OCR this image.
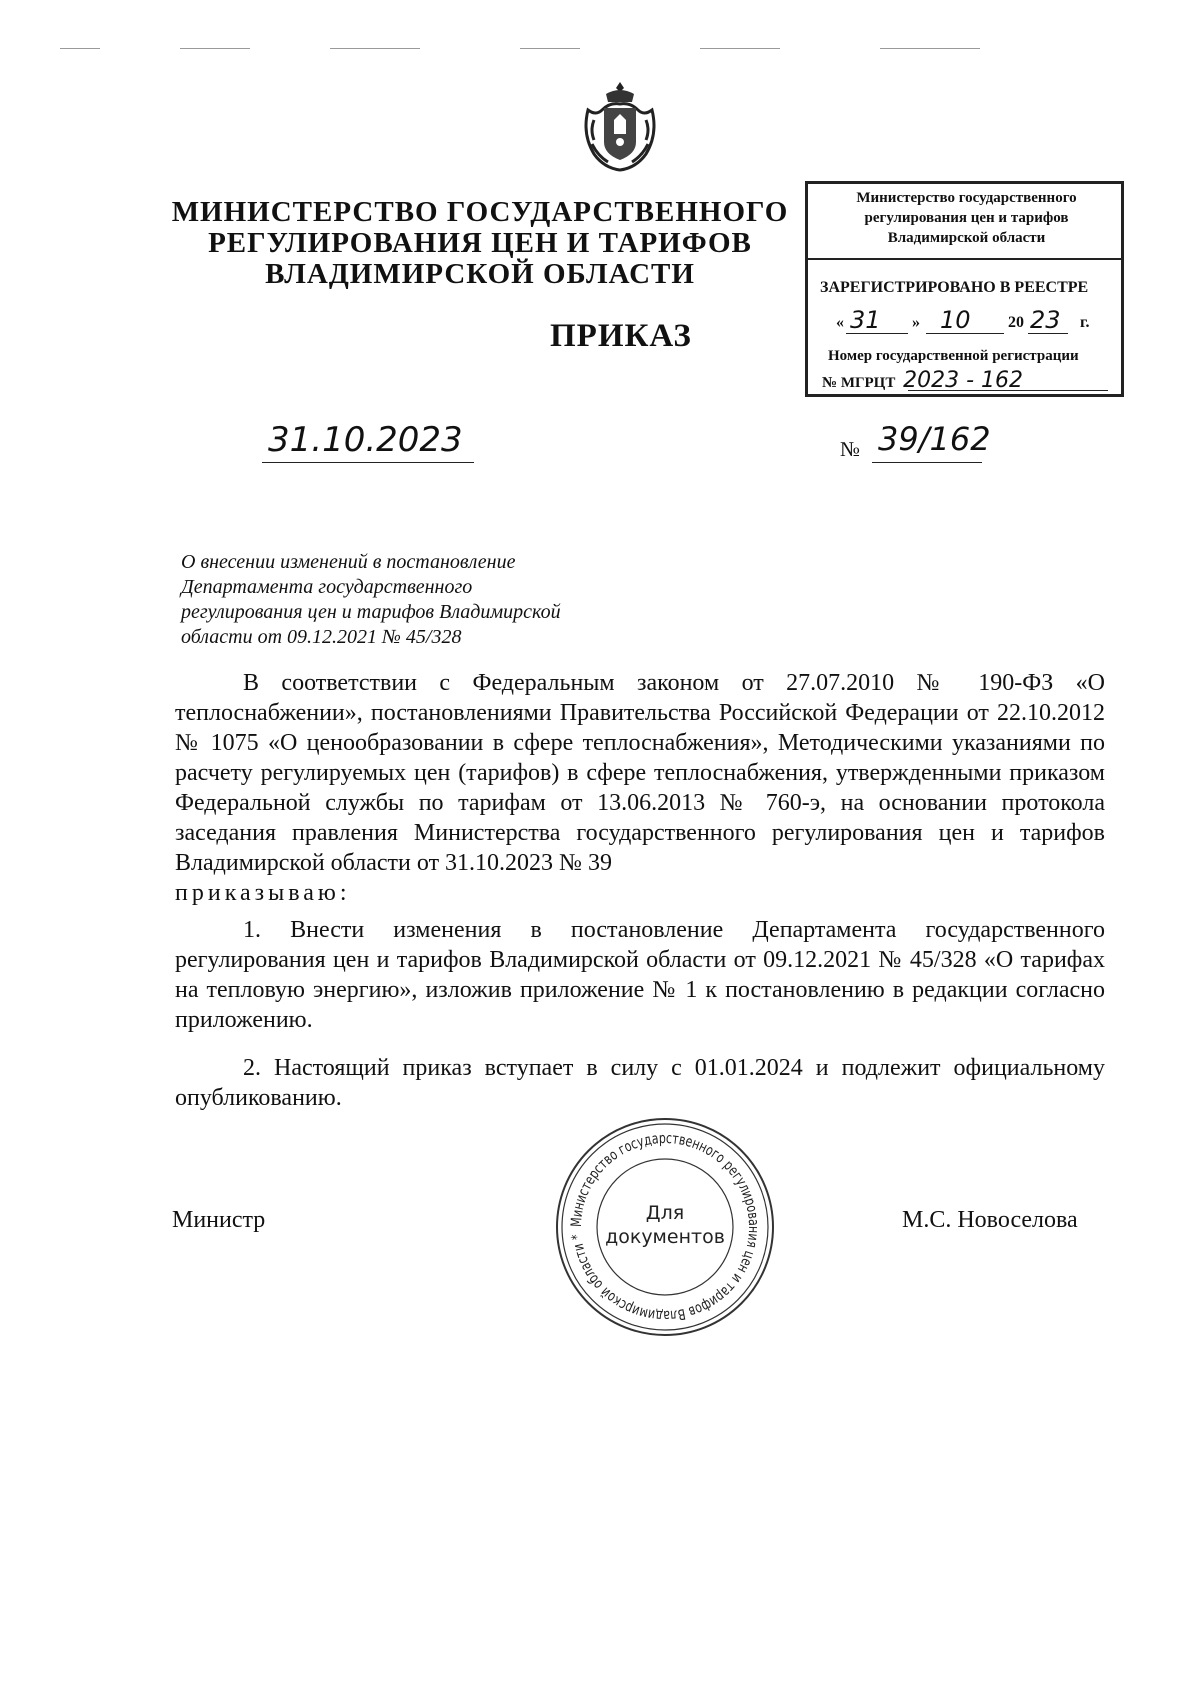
МИНИСТЕРСТВО ГОСУДАРСТВЕННОГО
РЕГУЛИРОВАНИЯ ЦЕН И ТАРИФОВ
ВЛАДИМИРСКОЙ ОБЛАСТИ
ПРИКАЗ
Министерство государственного
регулирования цен и тарифов
Владимирской области
ЗАРЕГИСТРИРОВАНО В РЕЕСТРЕ
« 31 » 10 20 23 г.
Номер государственной регистрации
№ МГРЦТ 2023 - 162
31.10.2023	№ 39/162
О внесении изменений в постановление
Департамента государственного
регулирования цен и тарифов Владимирской
области от 09.12.2021 № 45/328
В соответствии с Федеральным законом от 27.07.2010 № 190-ФЗ «О теплоснабжении», постановлениями Правительства Российской Федерации от 22.10.2012 № 1075 «О ценообразовании в сфере теплоснабжения», Методическими указаниями по расчету регулируемых цен (тарифов) в сфере теплоснабжения, утвержденными приказом Федеральной службы по тарифам от 13.06.2013 № 760-э, на основании протокола заседания правления Министерства государственного регулирования цен и тарифов Владимирской области от 31.10.2023 № 39
приказываю:
1. Внести изменения в постановление Департамента государственного регулирования цен и тарифов Владимирской области от 09.12.2021 № 45/328 «О тарифах на тепловую энергию», изложив приложение № 1 к постановлению в редакции согласно приложению.
2. Настоящий приказ вступает в силу с 01.01.2024 и подлежит официальному опубликованию.
Министр	М.С. Новоселова
Министерство государственного регулирования цен и тарифов Владимирской области *
Для
документов
